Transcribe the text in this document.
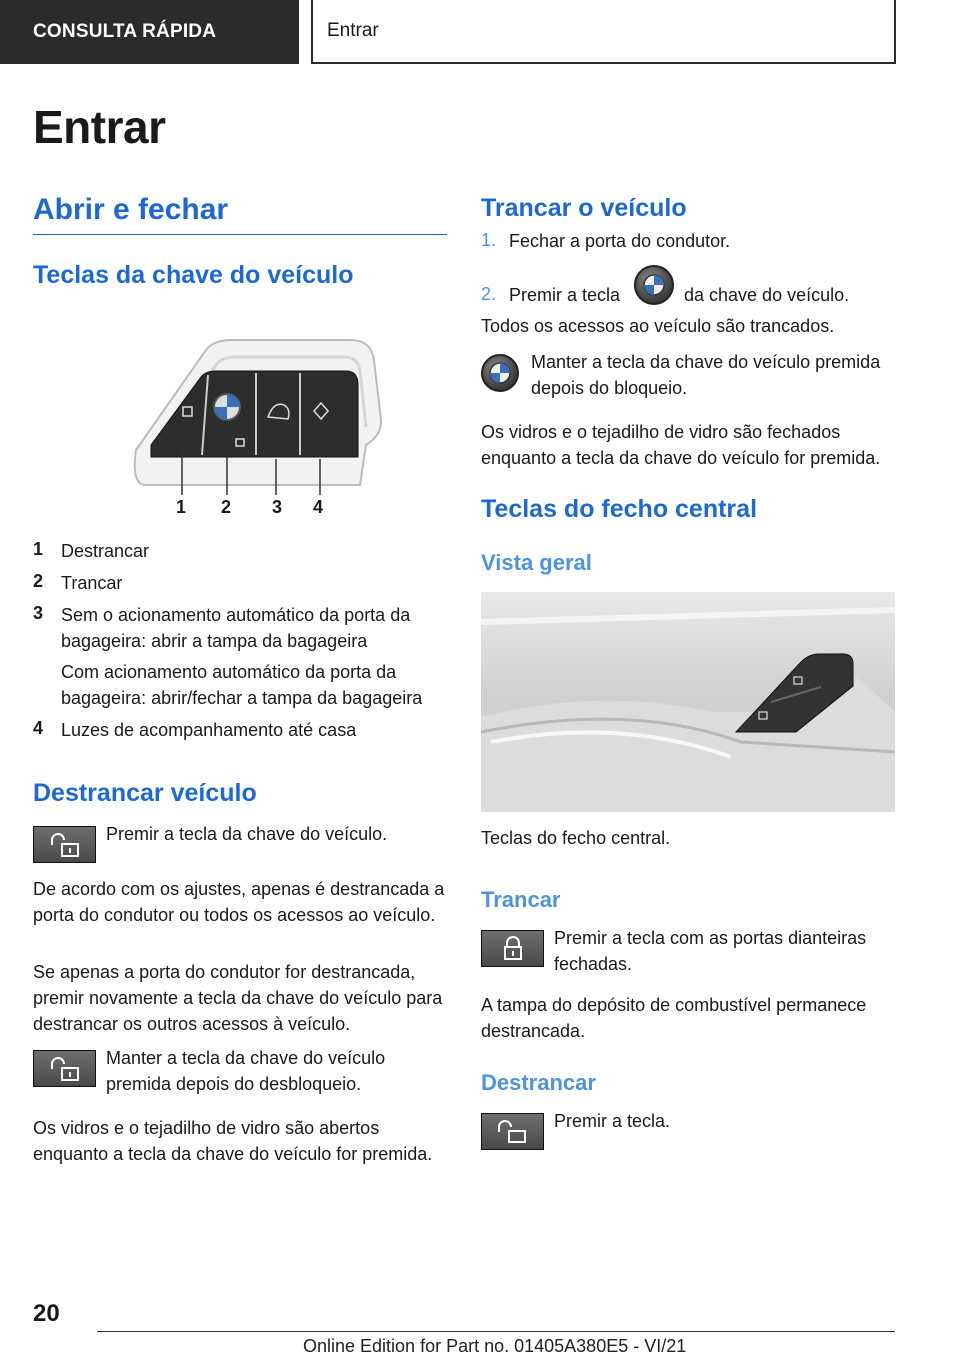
CONSULTA RÁPIDA	Entrar
Entrar
Abrir e fechar
Teclas da chave do veículo
1 2 3 4
1 Destrancar
2 Trancar
3 Sem o acionamento automático da porta da bagageira: abrir a tampa da bagageira
Com acionamento automático da porta da bagageira: abrir/fechar a tampa da bagageira
4 Luzes de acompanhamento até casa
Destrancar veículo
Premir a tecla da chave do veículo.
De acordo com os ajustes, apenas é destrancada a porta do condutor ou todos os acessos ao veículo.
Se apenas a porta do condutor for destrancada, premir novamente a tecla da chave do veículo para destrancar os outros acessos à veículo.
Manter a tecla da chave do veículo premida depois do desbloqueio.
Os vidros e o tejadilho de vidro são abertos enquanto a tecla da chave do veículo for premida.
Trancar o veículo
1. Fechar a porta do condutor.
2. Premir a tecla	da chave do veículo.
Todos os acessos ao veículo são trancados.
Manter a tecla da chave do veículo premida depois do bloqueio.
Os vidros e o tejadilho de vidro são fechados enquanto a tecla da chave do veículo for premida.
Teclas do fecho central
Vista geral
Teclas do fecho central.
Trancar
Premir a tecla com as portas dianteiras fechadas.
A tampa do depósito de combustível permanece destrancada.
Destrancar
Premir a tecla.
20
Online Edition for Part no. 01405A380E5 - VI/21
